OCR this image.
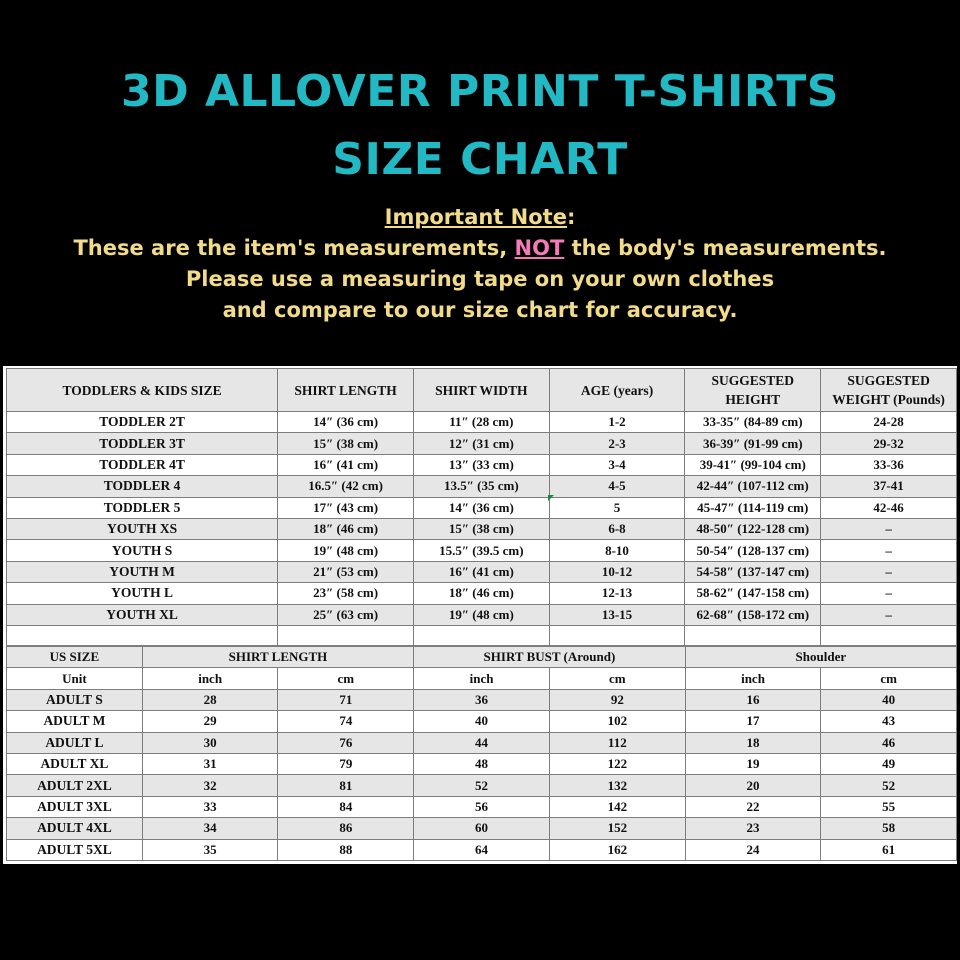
3D ALLOVER PRINT T-SHIRTS
SIZE CHART
Important Note:
These are the item's measurements, NOT the body's measurements.
Please use a measuring tape on your own clothes
and compare to our size chart for accuracy.
TODDLERS & KIDS SIZE	SHIRT LENGTH	SHIRT WIDTH	AGE (years)	SUGGESTED HEIGHT	SUGGESTED WEIGHT (Pounds)
TODDLER 2T	14″ (36 cm)	11″ (28 cm)	1-2	33-35″ (84-89 cm)	24-28
TODDLER 3T	15″ (38 cm)	12″ (31 cm)	2-3	36-39″ (91-99 cm)	29-32
TODDLER 4T	16″ (41 cm)	13″ (33 cm)	3-4	39-41″ (99-104 cm)	33-36
TODDLER 4	16.5″ (42 cm)	13.5″ (35 cm)	4-5	42-44″ (107-112 cm)	37-41
TODDLER 5	17″ (43 cm)	14″ (36 cm)	5	45-47″ (114-119 cm)	42-46
YOUTH XS	18″ (46 cm)	15″ (38 cm)	6-8	48-50″ (122-128 cm)	–
YOUTH S	19″ (48 cm)	15.5″ (39.5 cm)	8-10	50-54″ (128-137 cm)	–
YOUTH M	21″ (53 cm)	16″ (41 cm)	10-12	54-58″ (137-147 cm)	–
YOUTH L	23″ (58 cm)	18″ (46 cm)	12-13	58-62″ (147-158 cm)	–
YOUTH XL	25″ (63 cm)	19″ (48 cm)	13-15	62-68″ (158-172 cm)	–

US SIZE	SHIRT LENGTH		SHIRT BUST (Around)		Shoulder	
Unit	inch	cm	inch	cm	inch	cm
ADULT S	28	71	36	92	16	40
ADULT M	29	74	40	102	17	43
ADULT L	30	76	44	112	18	46
ADULT XL	31	79	48	122	19	49
ADULT 2XL	32	81	52	132	20	52
ADULT 3XL	33	84	56	142	22	55
ADULT 4XL	34	86	60	152	23	58
ADULT 5XL	35	88	64	162	24	61
